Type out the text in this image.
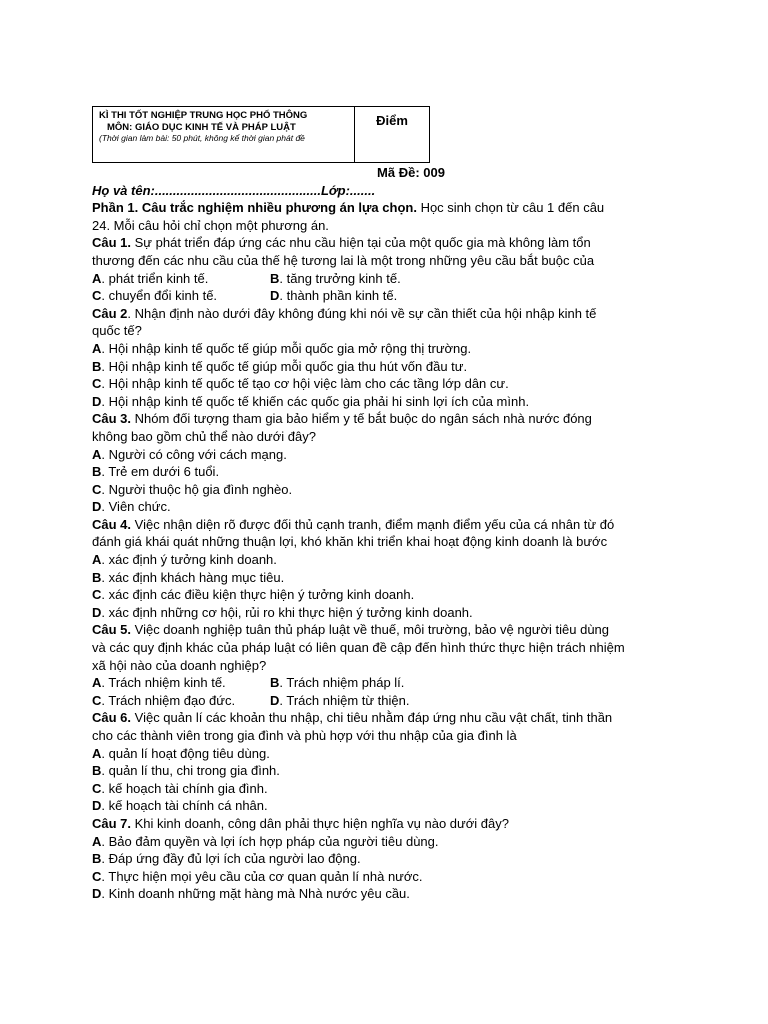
KÌ THI TỐT NGHIỆP TRUNG HỌC PHỔ THÔNG
MÔN: GIÁO DỤC KINH TẾ VÀ PHÁP LUẬT
(Thời gian làm bài: 50 phút, không kể thời gian phát đề
Điểm
Mã Đề: 009
Họ và tên:..............................................Lớp:.......
Phần 1. Câu trắc nghiệm nhiều phương án lựa chọn. Học sinh chọn từ câu 1 đến câu
24. Mỗi câu hỏi chỉ chọn một phương án.
Câu 1. Sự phát triển đáp ứng các nhu cầu hiện tại của một quốc gia mà không làm tổn
thương đến các nhu cầu của thế hệ tương lai là một trong những yêu cầu bắt buộc của
A. phát triển kinh tế.	B. tăng trưởng kinh tế.
C. chuyển đổi kinh tế.	D. thành phần kinh tế.
Câu 2. Nhận định nào dưới đây không đúng khi nói về sự cần thiết của hội nhập kinh tế
quốc tế?
A. Hội nhập kinh tế quốc tế giúp mỗi quốc gia mở rộng thị trường.
B. Hội nhập kinh tế quốc tế giúp mỗi quốc gia thu hút vốn đầu tư.
C. Hội nhập kinh tế quốc tế tạo cơ hội việc làm cho các tầng lớp dân cư.
D. Hội nhập kinh tế quốc tế khiến các quốc gia phải hi sinh lợi ích của mình.
Câu 3. Nhóm đối tượng tham gia bảo hiểm y tế bắt buộc do ngân sách nhà nước đóng
không bao gồm chủ thể nào dưới đây?
A. Người có công với cách mạng.
B. Trẻ em dưới 6 tuổi.
C. Người thuộc hộ gia đình nghèo.
D. Viên chức.
Câu 4. Việc nhận diện rõ được đối thủ cạnh tranh, điểm mạnh điểm yếu của cá nhân từ đó
đánh giá khái quát những thuận lợi, khó khăn khi triển khai hoạt động kinh doanh là bước
A. xác định ý tưởng kinh doanh.
B. xác định khách hàng mục tiêu.
C. xác định các điều kiện thực hiện ý tưởng kinh doanh.
D. xác định những cơ hội, rủi ro khi thực hiện ý tưởng kinh doanh.
Câu 5. Việc doanh nghiệp tuân thủ pháp luật về thuế, môi trường, bảo vệ người tiêu dùng
và các quy định khác của pháp luật có liên quan đề cập đến hình thức thực hiện trách nhiệm
xã hội nào của doanh nghiệp?
A. Trách nhiệm kinh tế.	B. Trách nhiệm pháp lí.
C. Trách nhiệm đạo đức.	D. Trách nhiệm từ thiện.
Câu 6. Việc quản lí các khoản thu nhập, chi tiêu nhằm đáp ứng nhu cầu vật chất, tinh thần
cho các thành viên trong gia đình và phù hợp với thu nhập của gia đình là
A. quản lí hoạt động tiêu dùng.
B. quản lí thu, chi trong gia đình.
C. kế hoạch tài chính gia đình.
D. kế hoạch tài chính cá nhân.
Câu 7. Khi kinh doanh, công dân phải thực hiện nghĩa vụ nào dưới đây?
A. Bảo đảm quyền và lợi ích hợp pháp của người tiêu dùng.
B. Đáp ứng đầy đủ lợi ích của người lao động.
C. Thực hiện mọi yêu cầu của cơ quan quản lí nhà nước.
D. Kinh doanh những mặt hàng mà Nhà nước yêu cầu.
